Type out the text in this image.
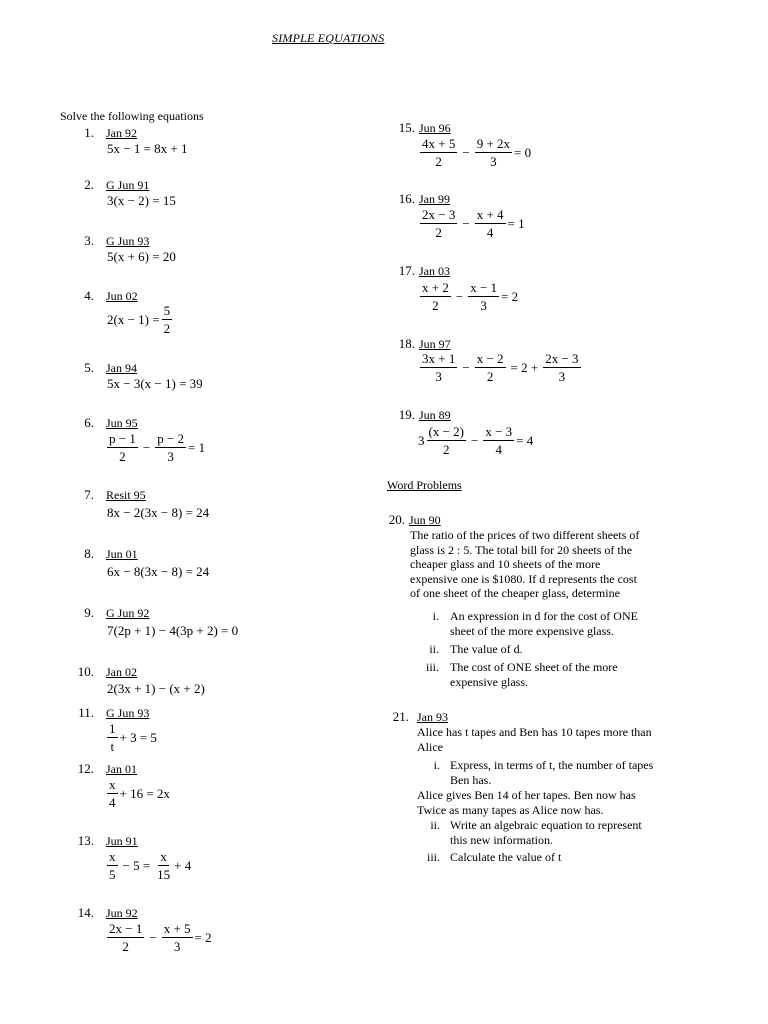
SIMPLE EQUATIONS
Solve the following equations
1. Jan 92
5x − 1 = 8x + 1
2. G Jun 91
3(x − 2) = 15
3. G Jun 93
5(x + 6) = 20
4. Jun 02
$2(x - 1) = \frac{5}{2}$
5. Jan 94
5x − 3(x − 1) = 39
6. Jun 95
$\frac{p - 1}{2} - \frac{p - 2}{3} = 1$
7. Resit 95
8x − 2(3x − 8) = 24
8. Jun 01
6x − 8(3x − 8) = 24
9. G Jun 92
7(2p + 1) − 4(3p + 2) = 0
10. Jan 02
2(3x + 1) − (x + 2)
11. G Jun 93
$\frac{1}{t} + 3 = 5$
12. Jan 01
$\frac{x}{4} + 16 = 2x$
13. Jun 91
$\frac{x}{5} - 5 = \frac{x}{15} + 4$
14. Jun 92
$\frac{2x - 1}{2} - \frac{x + 5}{3} = 2$
15. Jun 96
$\frac{4x + 5}{2} - \frac{9 + 2x}{3} = 0$
16. Jan 99
$\frac{2x - 3}{2} - \frac{x + 4}{4} = 1$
17. Jan 03
$\frac{x + 2}{2} - \frac{x - 1}{3} = 2$
18. Jun 97
$\frac{3x + 1}{3} - \frac{x - 2}{2} = 2 + \frac{2x - 3}{3}$
19. Jun 89
$3 \frac{(x - 2)}{2} - \frac{x - 3}{4} = 4$
Word Problems
20. Jun 90
The ratio of the prices of two different sheets of
glass is 2 : 5. The total bill for 20 sheets of the
cheaper glass and 10 sheets of the more
expensive one is $1080. If d represents the cost
of one sheet of the cheaper glass, determine
i. An expression in d for the cost of ONE
sheet of the more expensive glass.
ii. The value of d.
iii. The cost of ONE sheet of the more
expensive glass.
21. Jan 93
Alice has t tapes and Ben has 10 tapes more than
Alice
i. Express, in terms of t, the number of tapes
Ben has.
Alice gives Ben 14 of her tapes. Ben now has
Twice as many tapes as Alice now has.
ii. Write an algebraic equation to represent
this new information.
iii. Calculate the value of t
